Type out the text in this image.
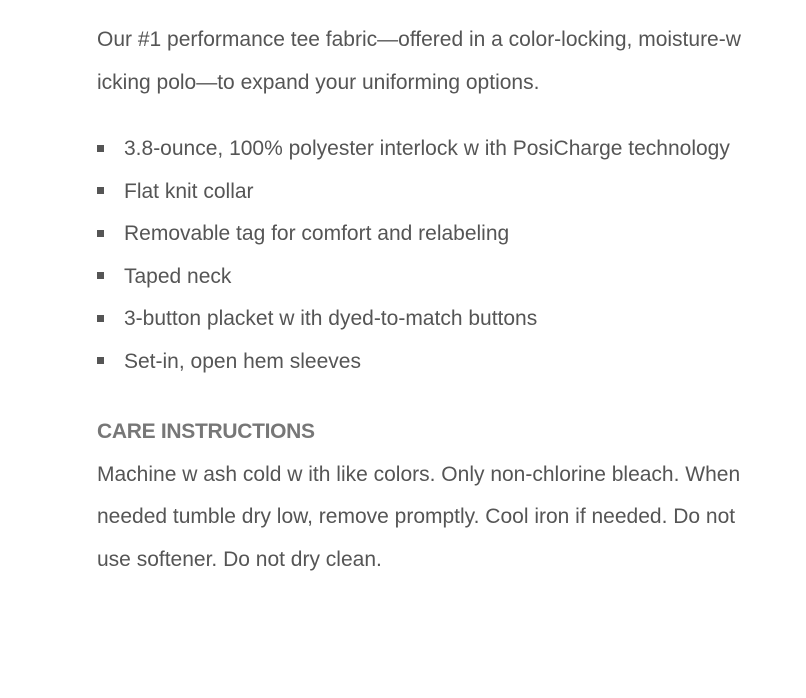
Our #1 performance tee fabric—offered in a color-locking, moisture-w icking polo—to expand your uniforming options.

3.8-ounce, 100% polyester interlock w ith PosiCharge technology
Flat knit collar
Removable tag for comfort and relabeling
Taped neck
3-button placket w ith dyed-to-match buttons
Set-in, open hem sleeves
CARE INSTRUCTIONS

Machine w ash cold w ith like colors. Only non-chlorine bleach. When needed tumble dry low, remove promptly. Cool iron if needed. Do not use softener. Do not dry clean.
